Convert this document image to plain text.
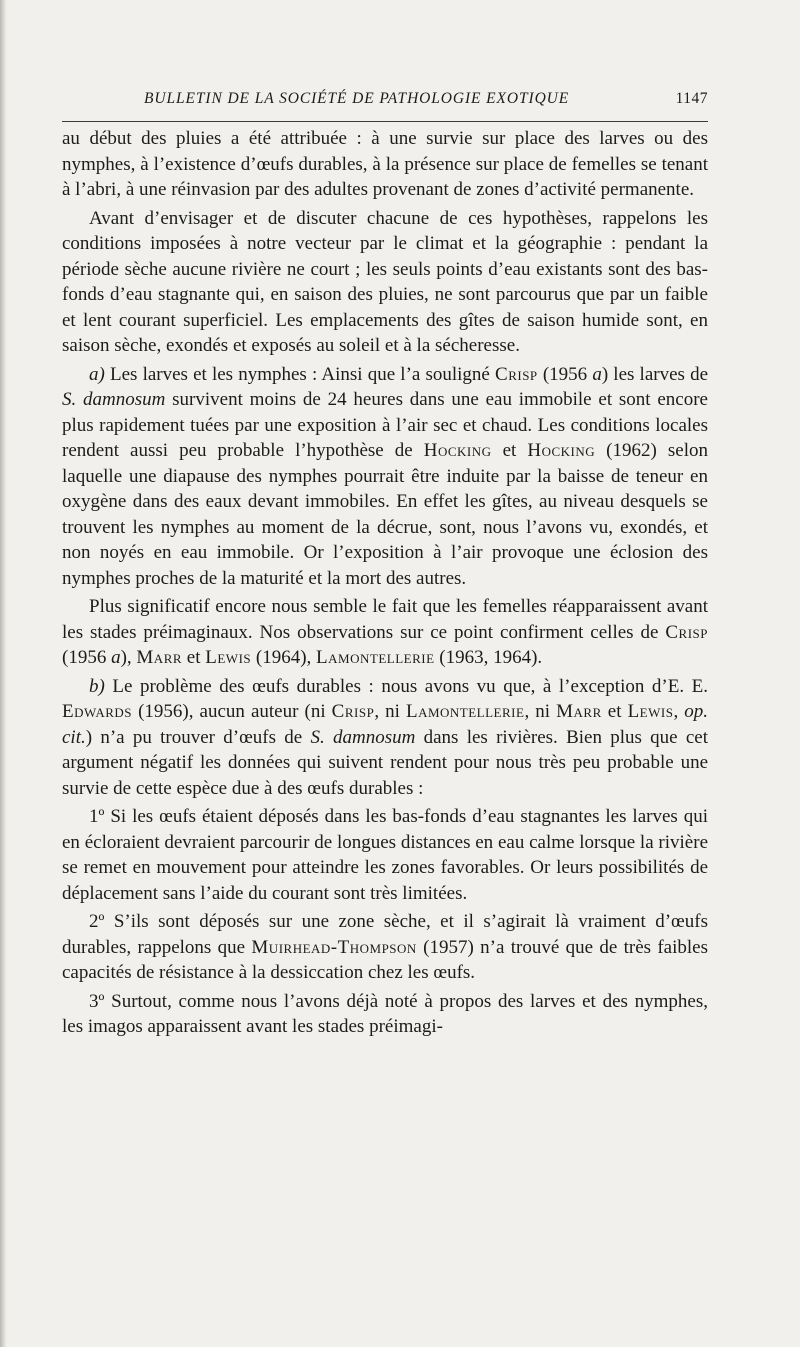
BULLETIN DE LA SOCIÉTÉ DE PATHOLOGIE EXOTIQUE	1147

au début des pluies a été attribuée : à une survie sur place des larves ou des nymphes, à l’existence d’œufs durables, à la présence sur place de femelles se tenant à l’abri, à une réinvasion par des adultes provenant de zones d’activité permanente.

Avant d’envisager et de discuter chacune de ces hypothèses, rappelons les conditions imposées à notre vecteur par le climat et la géographie : pendant la période sèche aucune rivière ne court ; les seuls points d’eau existants sont des bas-fonds d’eau stagnante qui, en saison des pluies, ne sont parcourus que par un faible et lent courant superficiel. Les emplacements des gîtes de saison humide sont, en saison sèche, exondés et exposés au soleil et à la sécheresse.

a) Les larves et les nymphes : Ainsi que l’a souligné Crisp (1956 a) les larves de S. damnosum survivent moins de 24 heures dans une eau immobile et sont encore plus rapidement tuées par une exposition à l’air sec et chaud. Les conditions locales rendent aussi peu probable l’hypothèse de Hocking et Hocking (1962) selon laquelle une diapause des nymphes pourrait être induite par la baisse de teneur en oxygène dans des eaux devant immobiles. En effet les gîtes, au niveau desquels se trouvent les nymphes au moment de la décrue, sont, nous l’avons vu, exondés, et non noyés en eau immobile. Or l’exposition à l’air provoque une éclosion des nymphes proches de la maturité et la mort des autres.

Plus significatif encore nous semble le fait que les femelles réapparaissent avant les stades préimaginaux. Nos observations sur ce point confirment celles de Crisp (1956 a), Marr et Lewis (1964), Lamontellerie (1963, 1964).

b) Le problème des œufs durables : nous avons vu que, à l’exception d’E. E. Edwards (1956), aucun auteur (ni Crisp, ni Lamontellerie, ni Marr et Lewis, op. cit.) n’a pu trouver d’œufs de S. damnosum dans les rivières. Bien plus que cet argument négatif les données qui suivent rendent pour nous très peu probable une survie de cette espèce due à des œufs durables :

1º Si les œufs étaient déposés dans les bas-fonds d’eau stagnantes les larves qui en écloraient devraient parcourir de longues distances en eau calme lorsque la rivière se remet en mouvement pour atteindre les zones favorables. Or leurs possibilités de déplacement sans l’aide du courant sont très limitées.

2º S’ils sont déposés sur une zone sèche, et il s’agirait là vraiment d’œufs durables, rappelons que Muirhead-Thompson (1957) n’a trouvé que de très faibles capacités de résistance à la dessiccation chez les œufs.

3º Surtout, comme nous l’avons déjà noté à propos des larves et des nymphes, les imagos apparaissent avant les stades préimagi-
